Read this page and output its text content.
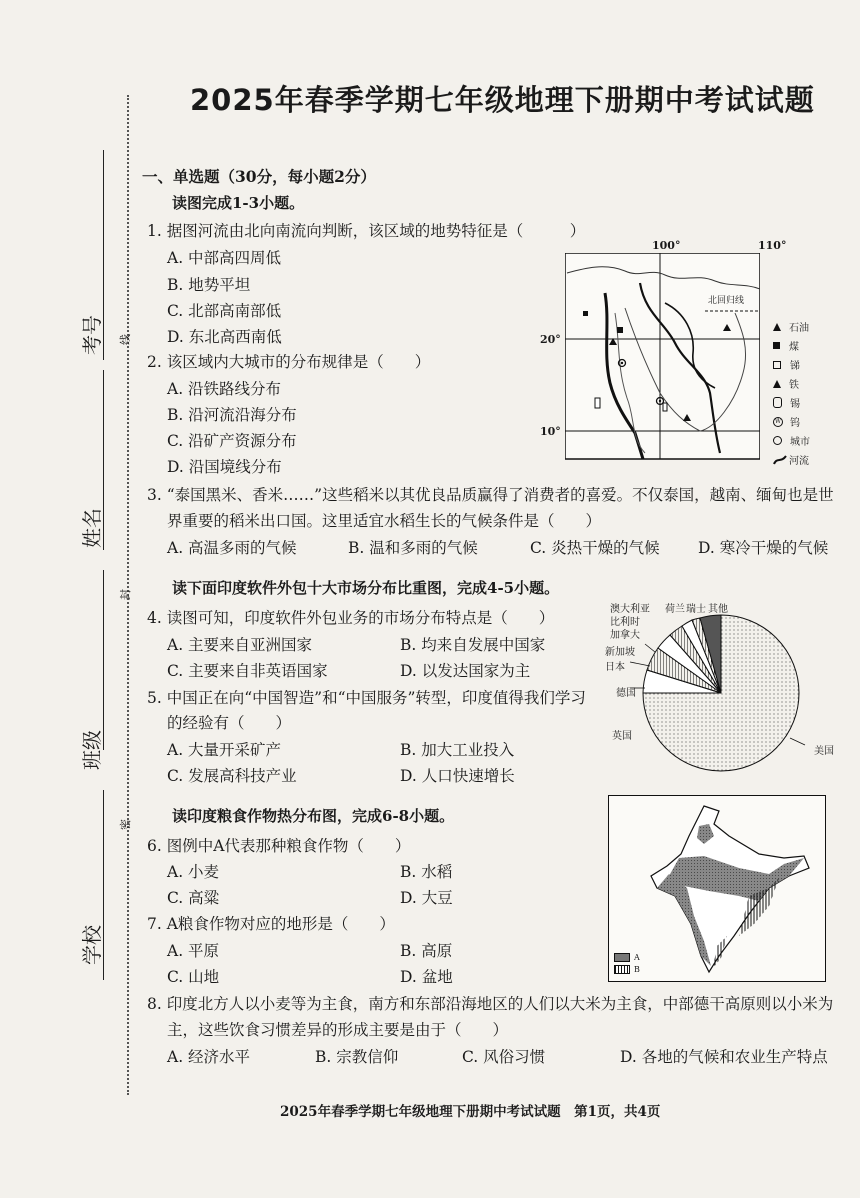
2025年春季学期七年级地理下册期中考试试题
考号
姓名
班级
学校
线
封
密
一、单选题（30分，每小题2分）
读图完成1-3小题。
1. 据图河流由北向南流向判断，该区域的地势特征是（　　　）
A. 中部高四周低
B. 地势平坦
C. 北部高南部低
D. 东北高西南低
2. 该区域内大城市的分布规律是（　　）
A. 沿铁路线分布
B. 沿河流沿海分布
C. 沿矿产资源分布
D. 沿国境线分布
100°	110°
北回归线
20°
10°
石油
煤
锑
铁
锡
W 钨
城市
河流
3. “泰国黑米、香米……”这些稻米以其优良品质赢得了消费者的喜爱。不仅泰国，越南、缅甸也是世
界重要的稻米出口国。这里适宜水稻生长的气候条件是（　　）
A. 高温多雨的气候	B. 温和多雨的气候	C. 炎热干燥的气候 D. 寒冷干燥的气候
读下面印度软件外包十大市场分布比重图，完成4-5小题。
澳大利亚 荷兰 瑞士 其他
比利时
加拿大
新加坡
日本
德国
英国
美国
4. 读图可知，印度软件外包业务的市场分布特点是（　　）
A. 主要来自亚洲国家	B. 均来自发展中国家
C. 主要来自非英语国家	D. 以发达国家为主
5. 中国正在向“中国智造”和“中国服务”转型，印度值得我们学习
的经验有（　　）
A. 大量开采矿产	B. 加大工业投入
C. 发展高科技产业	D. 人口快速增长
读印度粮食作物热分布图，完成6-8小题。
A
B
6. 图例中A代表那种粮食作物（　　）
A. 小麦	B. 水稻
C. 高粱	D. 大豆
7. A粮食作物对应的地形是（　　）
A. 平原	B. 高原
C. 山地	D. 盆地
8. 印度北方人以小麦等为主食，南方和东部沿海地区的人们以大米为主食，中部德干高原则以小米为
主，这些饮食习惯差异的形成主要是由于（　　）
A. 经济水平	B. 宗教信仰	C. 风俗习惯	D. 各地的气候和农业生产特点
2025年春季学期七年级地理下册期中考试试题　第1页，共4页
